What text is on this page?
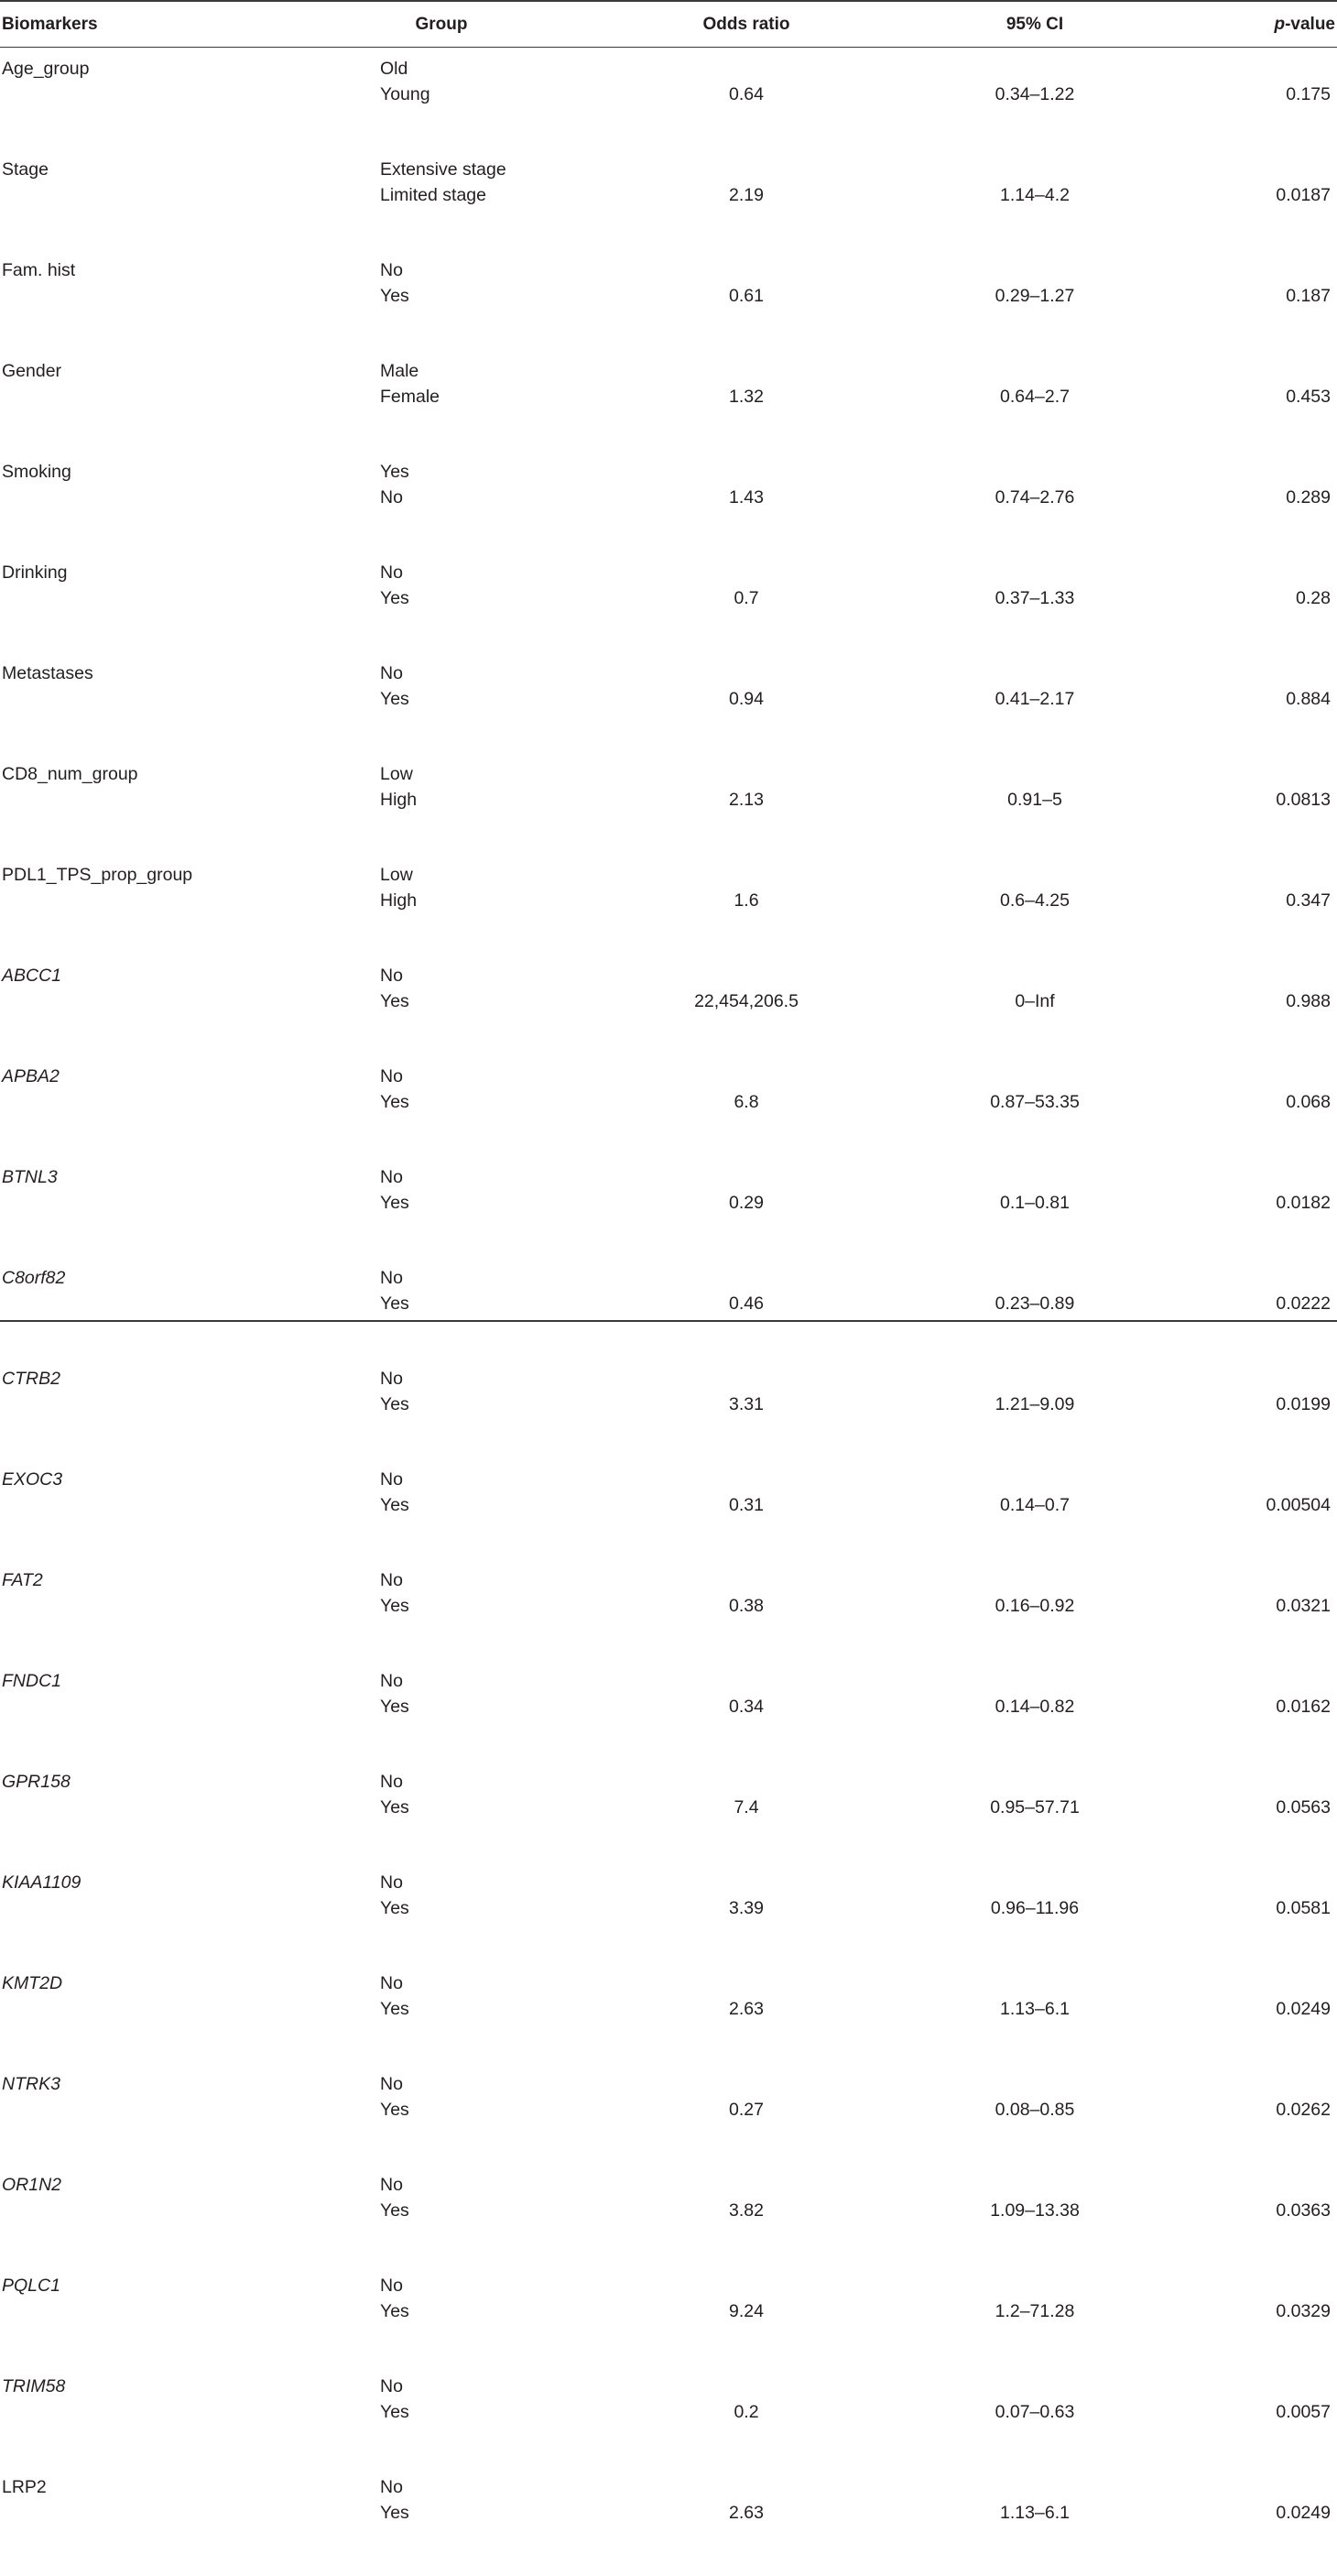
Biomarkers	Group	Odds ratio	95% CI	p-value
Age_group	Old
Young	0.64	0.34–1.22	0.175
Stage	Extensive stage
Limited stage	2.19	1.14–4.2	0.0187
Fam. hist	No
Yes	0.61	0.29–1.27	0.187
Gender	Male
Female	1.32	0.64–2.7	0.453
Smoking	Yes
No	1.43	0.74–2.76	0.289
Drinking	No
Yes	0.7	0.37–1.33	0.28
Metastases	No
Yes	0.94	0.41–2.17	0.884
CD8_num_group	Low
High	2.13	0.91–5	0.0813
PDL1_TPS_prop_group	Low
High	1.6	0.6–4.25	0.347
ABCC1	No
Yes	22,454,206.5	0–Inf	0.988
APBA2	No
Yes	6.8	0.87–53.35	0.068
BTNL3	No
Yes	0.29	0.1–0.81	0.0182
C8orf82	No
Yes	0.46	0.23–0.89	0.0222
CTRB2	No
Yes	3.31	1.21–9.09	0.0199
EXOC3	No
Yes	0.31	0.14–0.7	0.00504
FAT2	No
Yes	0.38	0.16–0.92	0.0321
FNDC1	No
Yes	0.34	0.14–0.82	0.0162
GPR158	No
Yes	7.4	0.95–57.71	0.0563
KIAA1109	No
Yes	3.39	0.96–11.96	0.0581
KMT2D	No
Yes	2.63	1.13–6.1	0.0249
NTRK3	No
Yes	0.27	0.08–0.85	0.0262
OR1N2	No
Yes	3.82	1.09–13.38	0.0363
PQLC1	No
Yes	9.24	1.2–71.28	0.0329
TRIM58	No
Yes	0.2	0.07–0.63	0.0057
LRP2	No
Yes	2.63	1.13–6.1	0.0249
